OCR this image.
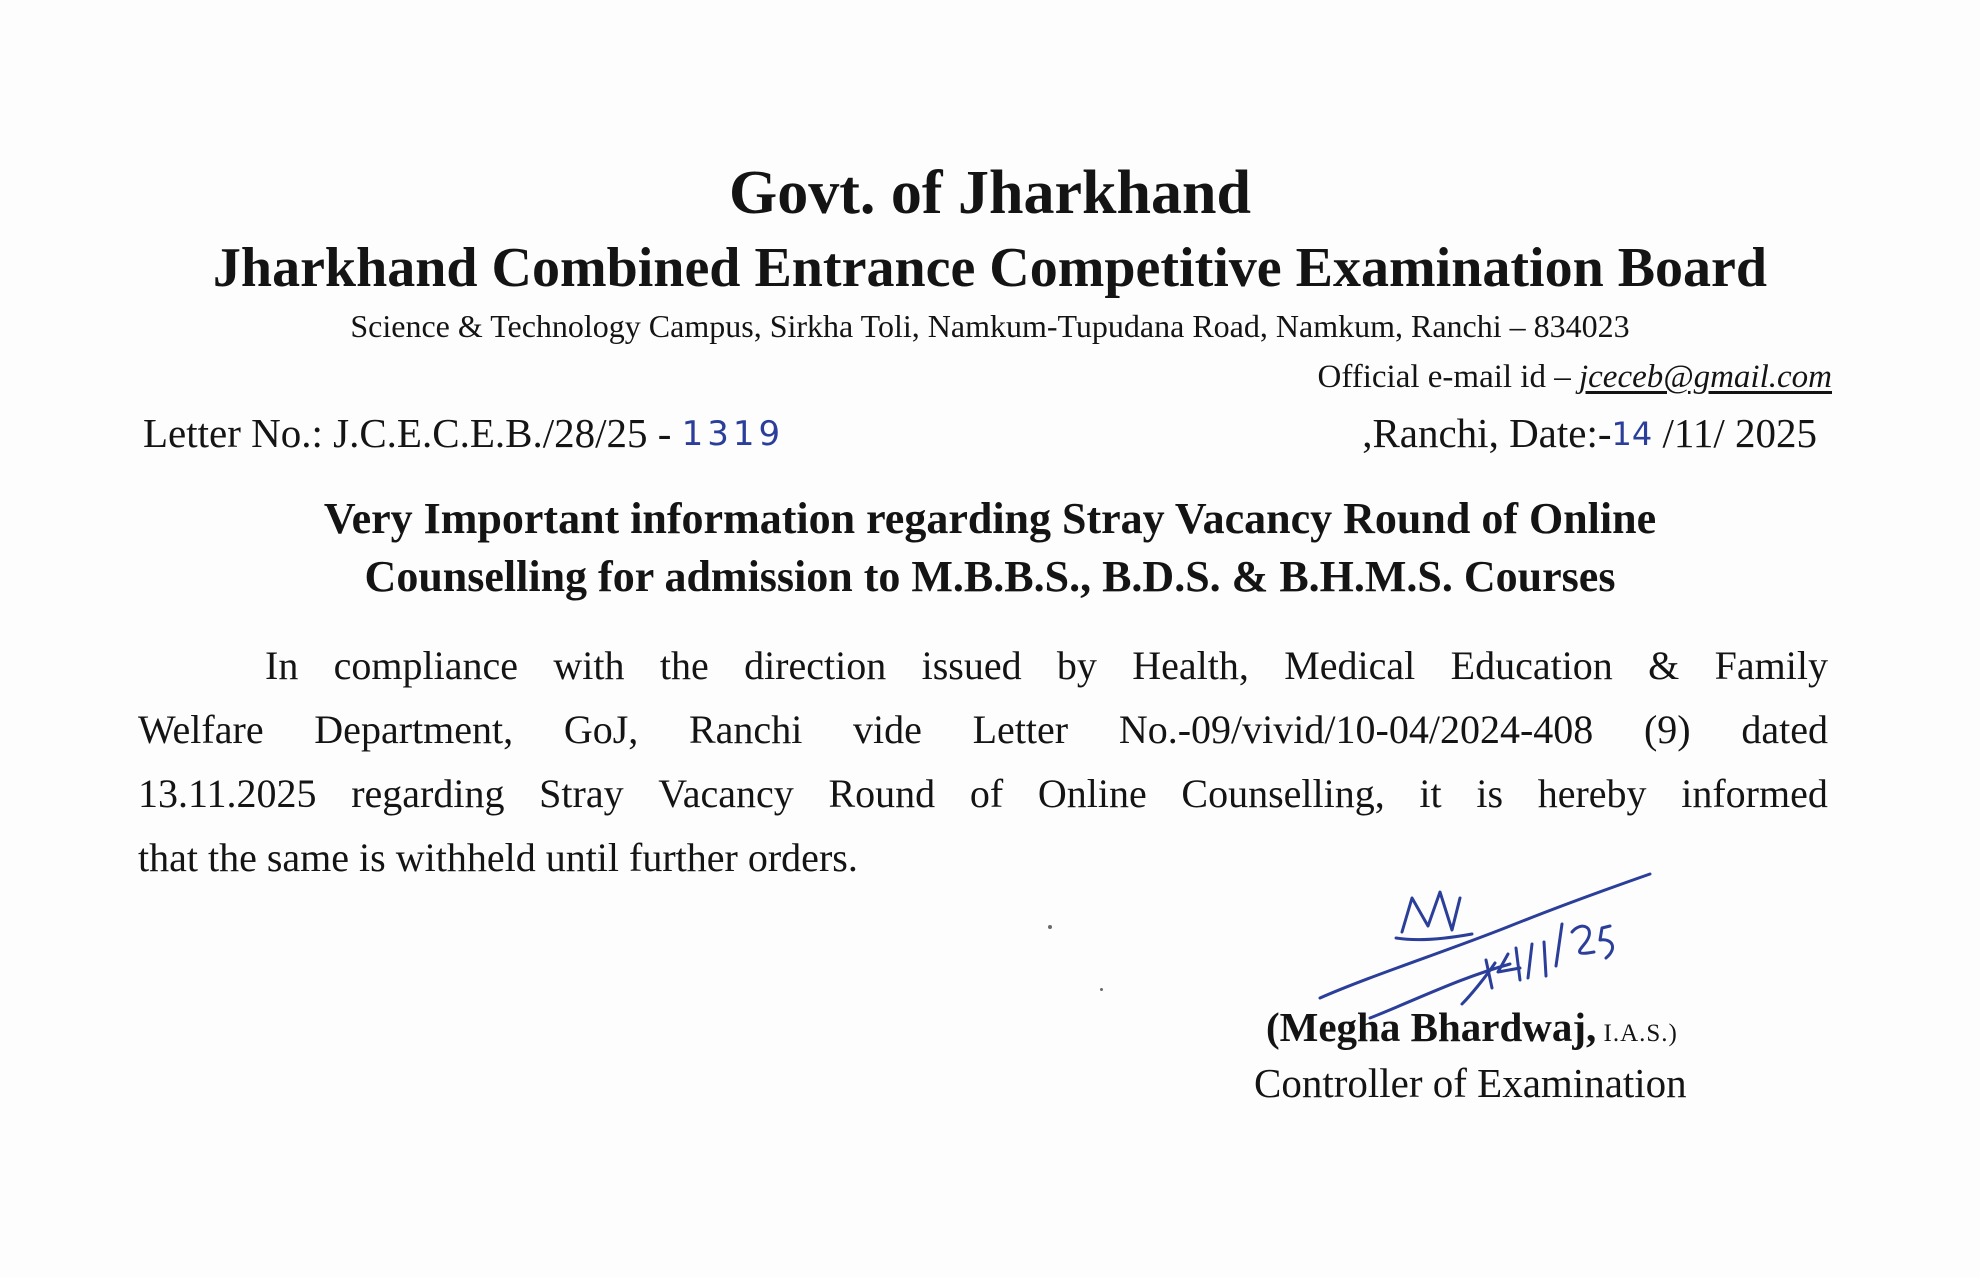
Govt. of Jharkhand
Jharkhand Combined Entrance Competitive Examination Board
Science & Technology Campus, Sirkha Toli, Namkum-Tupudana Road, Namkum, Ranchi – 834023
Official e-mail id – jceceb@gmail.com
Letter No.: J.C.E.C.E.B./28/25 - 1319	,Ranchi, Date:-14 /11/ 2025
Very Important information regarding Stray Vacancy Round of Online
Counselling for admission to M.B.B.S., B.D.S. & B.H.M.S. Courses
In compliance with the direction issued by Health, Medical Education & Family
Welfare Department, GoJ, Ranchi vide Letter No.-09/vivid/10-04/2024-408 (9) dated
13.11.2025 regarding Stray Vacancy Round of Online Counselling, it is hereby informed
that the same is withheld until further orders.
(Megha Bhardwaj, I.A.S.)
Controller of Examination
